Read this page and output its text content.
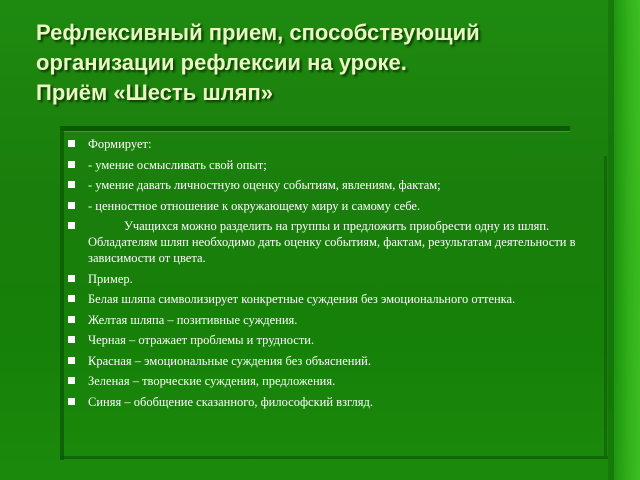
Рефлексивный прием, способствующий
организации рефлексии на уроке.
Приём «Шесть шляп»
Формирует:
- умение осмысливать свой опыт;
- умение давать личностную оценку событиям, явлениям, фактам;
- ценностное отношение к окружающему миру и самому себе.
Учащихся можно разделить на группы и предложить приобрести одну из шляп. Обладателям шляп необходимо дать оценку событиям, фактам, результатам деятельности в зависимости от цвета.
Пример.
Белая шляпа символизирует конкретные суждения без эмоционального оттенка.
Желтая шляпа – позитивные суждения.
Черная – отражает проблемы и трудности.
Красная – эмоциональные суждения без объяснений.
Зеленая – творческие суждения, предложения.
Синяя – обобщение сказанного, философский взгляд.
